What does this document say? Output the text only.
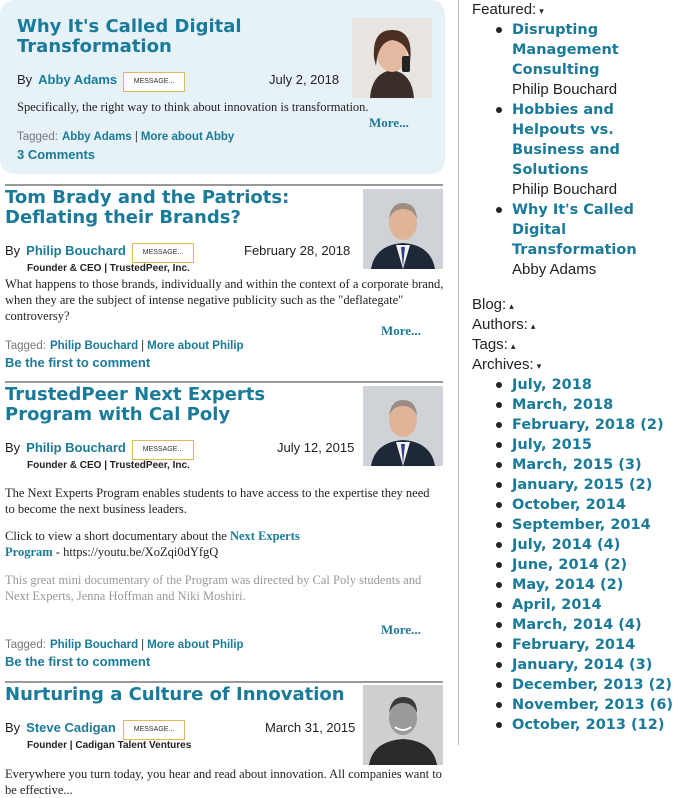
Why It's Called Digital Transformation
By Abby Adams	MESSAGE...	July 2, 2018

Specifically, the right way to think about innovation is transformation.

More...
Tagged: Abby Adams | More about Abby
3 Comments
Tom Brady and the Patriots: Deflating their Brands?
By Philip Bouchard	MESSAGE...	February 28, 2018
Founder & CEO | TrustedPeer, Inc.

What happens to those brands, individually and within the context of a corporate brand, when they are the subject of intense negative publicity such as the "deflategate" controversy?

More...
Tagged: Philip Bouchard | More about Philip
Be the first to comment
TrustedPeer Next Experts Program with Cal Poly
By Philip Bouchard	MESSAGE...	July 12, 2015
Founder & CEO | TrustedPeer, Inc.

The Next Experts Program enables students to have access to the expertise they need to become the next business leaders.

Click to view a short documentary about the Next Experts Program - https://youtu.be/XoZqi0dYfgQ

This great mini documentary of the Program was directed by Cal Poly students and Next Experts, Jenna Hoffman and Niki Moshiri.

More...
Tagged: Philip Bouchard | More about Philip
Be the first to comment
Nurturing a Culture of Innovation
By Steve Cadigan	MESSAGE...	March 31, 2015
Founder | Cadigan Talent Ventures

Everywhere you turn today, you hear and read about innovation. All companies want to be effective...

Featured: ▾
Disrupting Management Consulting
Philip Bouchard
Hobbies and Helpouts vs. Business and Solutions
Philip Bouchard
Why It's Called Digital Transformation
Abby Adams
Blog: ▴
Authors: ▴
Tags: ▴
Archives: ▾
July, 2018
March, 2018
February, 2018 (2)
July, 2015
March, 2015 (3)
January, 2015 (2)
October, 2014
September, 2014
July, 2014 (4)
June, 2014 (2)
May, 2014 (2)
April, 2014
March, 2014 (4)
February, 2014
January, 2014 (3)
December, 2013 (2)
November, 2013 (6)
October, 2013 (12)
